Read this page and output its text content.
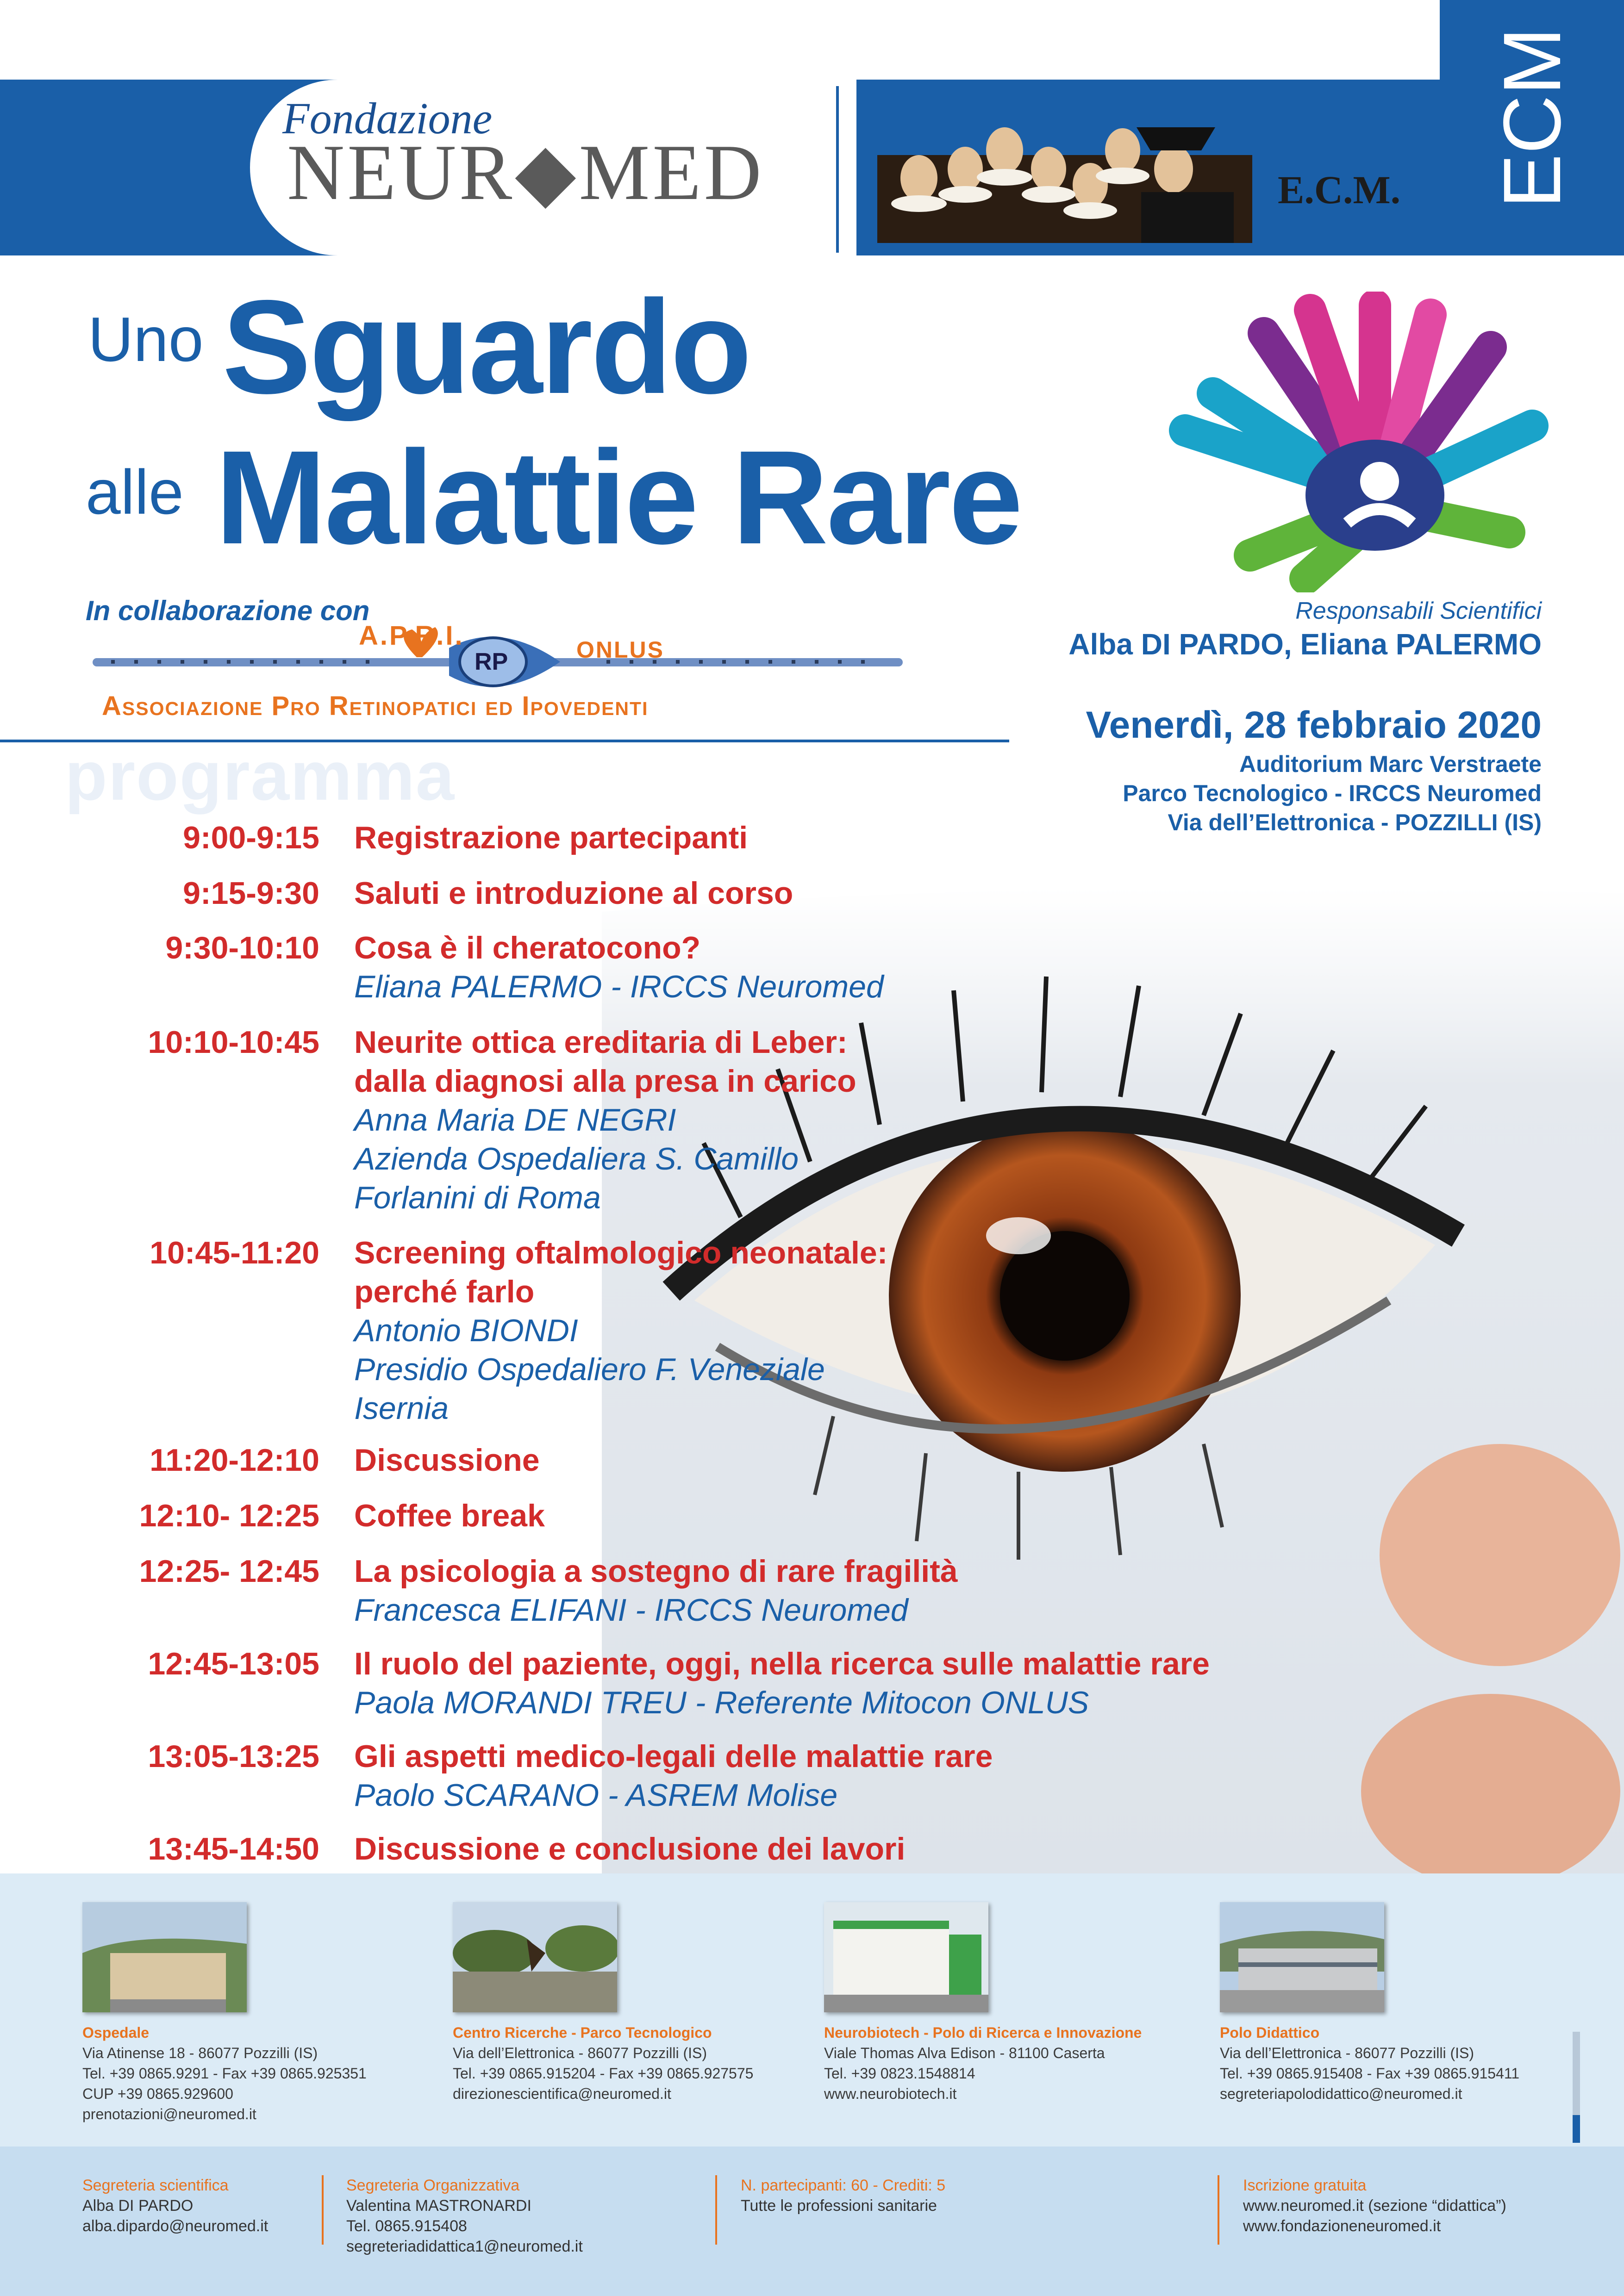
Fondazione
NEUR◆MED	E.C.M. ECM
Uno Sguardo
alle Malattie Rare
In collaborazione con
A.P.R.I.	ONLUS
RP
Associazione Pro Retinopatici ed Ipovedenti
Responsabili Scientifici
Alba DI PARDO, Eliana PALERMO
Venerdì, 28 febbraio 2020
Auditorium Marc Verstraete
Parco Tecnologico - IRCCS Neuromed
Via dell’Elettronica - POZZILLI (IS)
programma
9:00-9:15 Registrazione partecipanti
9:15-9:30 Saluti e introduzione al corso
9:30-10:10 Cosa è il cheratocono?
Eliana PALERMO - IRCCS Neuromed
10:10-10:45 Neurite ottica ereditaria di Leber:
dalla diagnosi alla presa in carico
Anna Maria DE NEGRI
Azienda Ospedaliera S. Camillo
Forlanini di Roma
10:45-11:20 Screening oftalmologico neonatale:
perché farlo
Antonio BIONDI
Presidio Ospedaliero F. Veneziale
Isernia
11:20-12:10 Discussione
12:10- 12:25 Coffee break
12:25- 12:45 La psicologia a sostegno di rare fragilità
Francesca ELIFANI - IRCCS Neuromed
12:45-13:05 Il ruolo del paziente, oggi, nella ricerca sulle malattie rare
Paola MORANDI TREU - Referente Mitocon ONLUS
13:05-13:25 Gli aspetti medico-legali delle malattie rare
Paolo SCARANO - ASREM Molise
13:45-14:50 Discussione e conclusione dei lavori
Ospedale
Via Atinense 18 - 86077 Pozzilli (IS)
Tel. +39 0865.9291 - Fax +39 0865.925351
CUP +39 0865.929600
prenotazioni@neuromed.it
Centro Ricerche - Parco Tecnologico
Via dell’Elettronica - 86077 Pozzilli (IS)
Tel. +39 0865.915204 - Fax +39 0865.927575
direzionescientifica@neuromed.it
Neurobiotech - Polo di Ricerca e Innovazione
Viale Thomas Alva Edison - 81100 Caserta
Tel. +39 0823.1548814
www.neurobiotech.it
Polo Didattico
Via dell’Elettronica - 86077 Pozzilli (IS)
Tel. +39 0865.915408 - Fax +39 0865.915411
segreteriapolodidattico@neuromed.it
Segreteria scientifica
Alba DI PARDO
alba.dipardo@neuromed.it
Segreteria Organizzativa
Valentina MASTRONARDI
Tel. 0865.915408
segreteriadidattica1@neuromed.it
N. partecipanti: 60 - Crediti: 5
Tutte le professioni sanitarie
Iscrizione gratuita
www.neuromed.it (sezione “didattica”)
www.fondazioneneuromed.it
